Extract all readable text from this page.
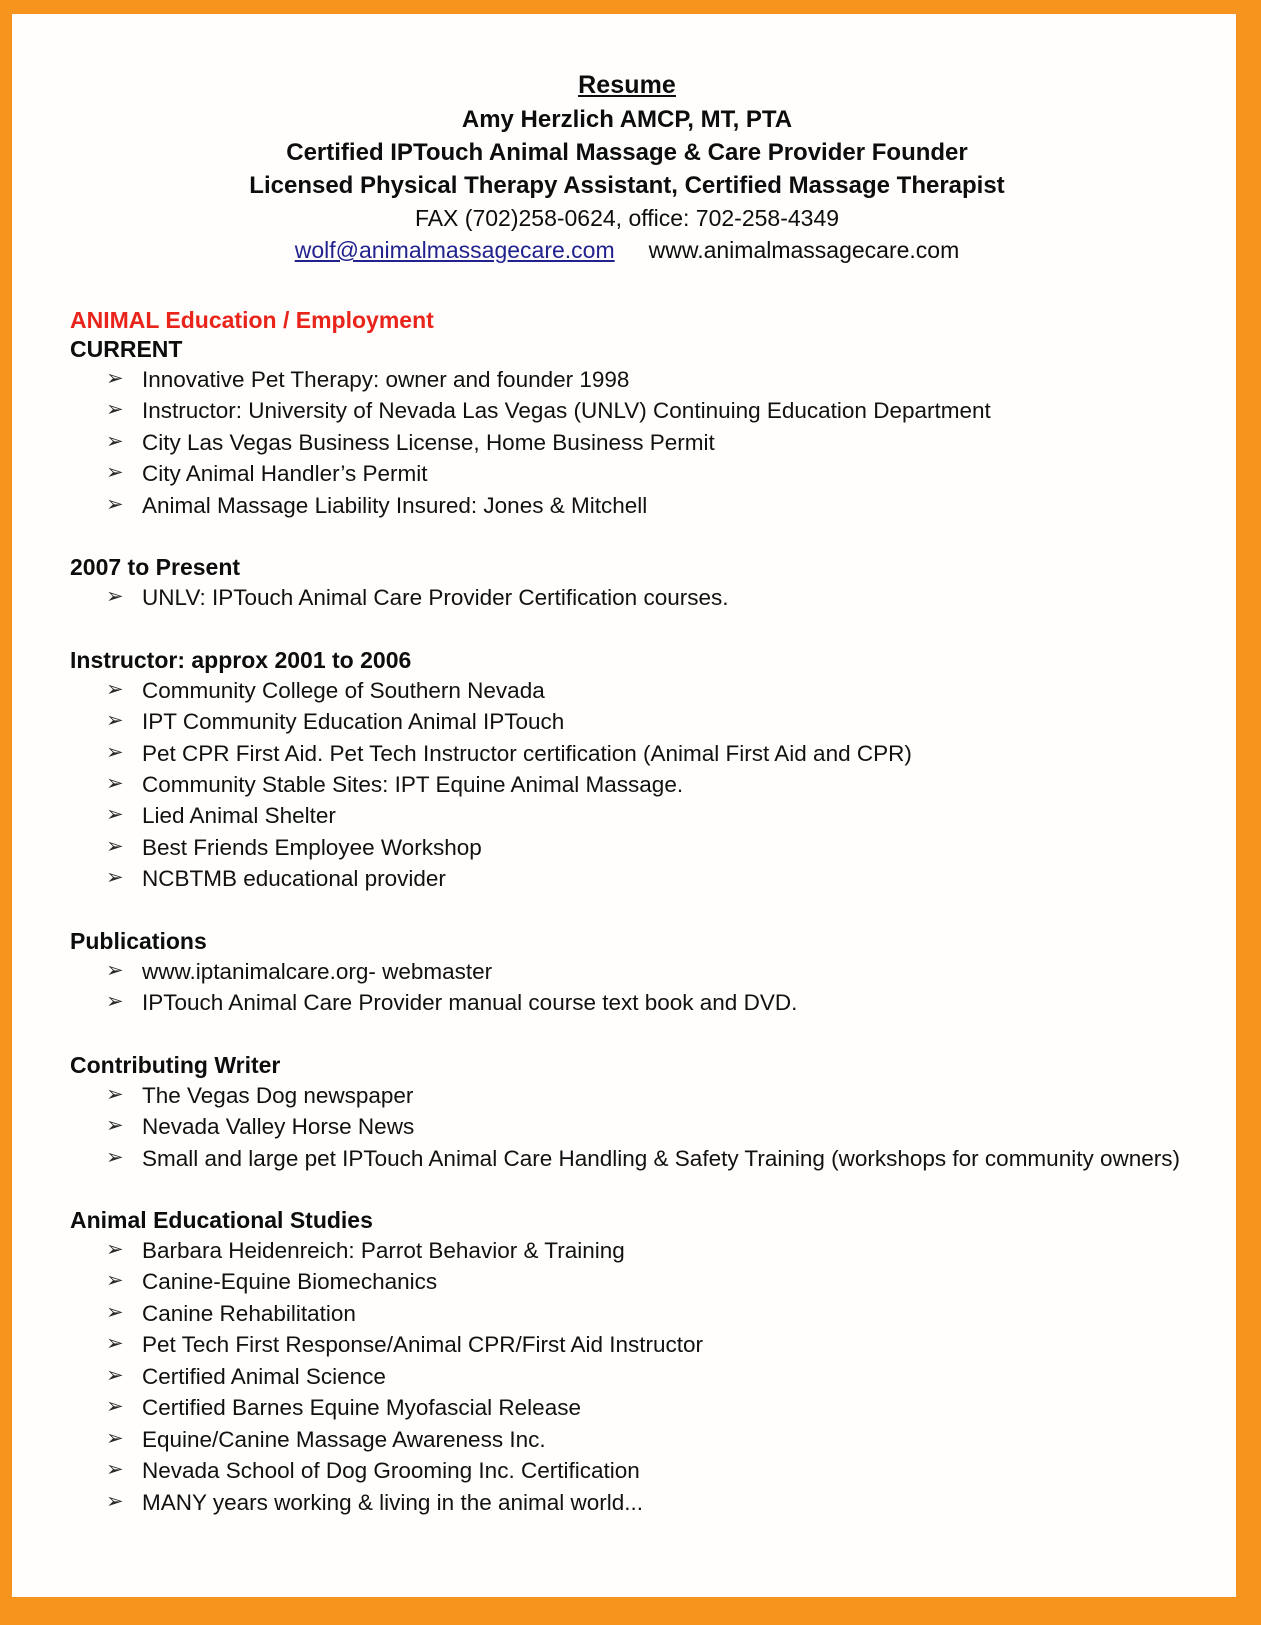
Resume
Amy Herzlich AMCP, MT, PTA
Certified IPTouch Animal Massage & Care Provider Founder
Licensed Physical Therapy Assistant, Certified Massage Therapist
FAX (702)258-0624, office: 702-258-4349
wolf@animalmassagecare.com www.animalmassagecare.com
ANIMAL Education / Employment
CURRENT
➢ Innovative Pet Therapy: owner and founder 1998
➢ Instructor: University of Nevada Las Vegas (UNLV) Continuing Education Department
➢ City Las Vegas Business License, Home Business Permit
➢ City Animal Handler’s Permit
➢ Animal Massage Liability Insured: Jones & Mitchell
2007 to Present
➢ UNLV: IPTouch Animal Care Provider Certification courses.
Instructor: approx 2001 to 2006
➢ Community College of Southern Nevada
➢ IPT Community Education Animal IPTouch
➢ Pet CPR First Aid. Pet Tech Instructor certification (Animal First Aid and CPR)
➢ Community Stable Sites: IPT Equine Animal Massage.
➢ Lied Animal Shelter
➢ Best Friends Employee Workshop
➢ NCBTMB educational provider
Publications
➢ www.iptanimalcare.org- webmaster
➢ IPTouch Animal Care Provider manual course text book and DVD.
Contributing Writer
➢ The Vegas Dog newspaper
➢ Nevada Valley Horse News
➢ Small and large pet IPTouch Animal Care Handling & Safety Training (workshops for community owners)
Animal Educational Studies
➢ Barbara Heidenreich: Parrot Behavior & Training
➢ Canine-Equine Biomechanics
➢ Canine Rehabilitation
➢ Pet Tech First Response/Animal CPR/First Aid Instructor
➢ Certified Animal Science
➢ Certified Barnes Equine Myofascial Release
➢ Equine/Canine Massage Awareness Inc.
➢ Nevada School of Dog Grooming Inc. Certification
➢ MANY years working & living in the animal world...
